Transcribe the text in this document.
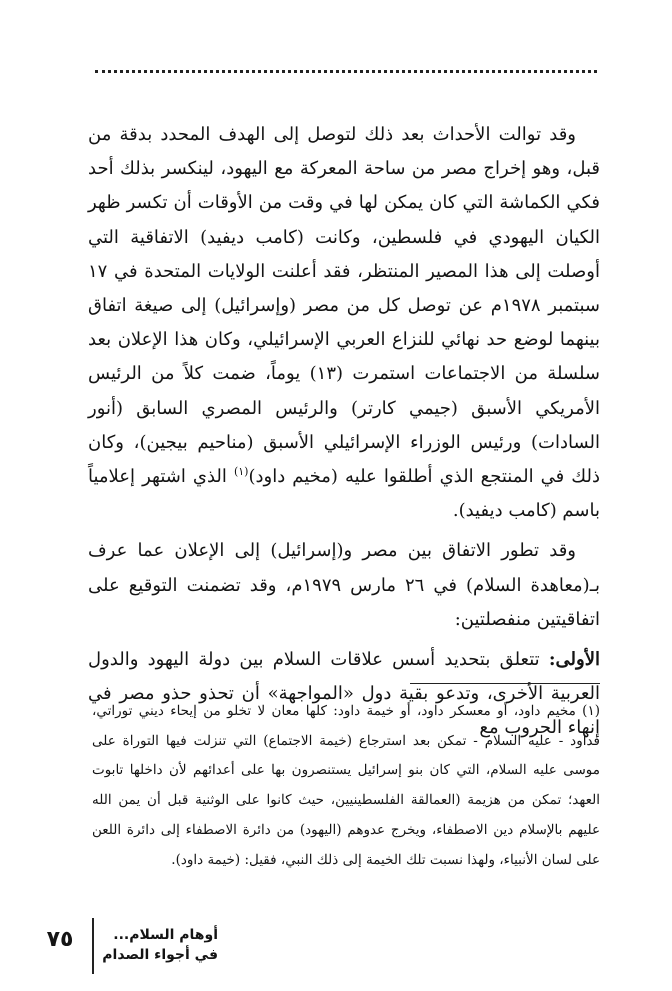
وقد توالت الأحداث بعد ذلك لتوصل إلى الهدف المحدد بدقة من قبل، وهو إخراج مصر من ساحة المعركة مع اليهود، لينكسر بذلك أحد فكي الكماشة التي كان يمكن لها في وقت من الأوقات أن تكسر ظهر الكيان اليهودي في فلسطين، وكانت (كامب ديفيد) الاتفاقية التي أوصلت إلى هذا المصير المنتظر، فقد أعلنت الولايات المتحدة في ١٧ سبتمبر ١٩٧٨م عن توصل كل من مصر (وإسرائيل) إلى صيغة اتفاق بينهما لوضع حد نهائي للنزاع العربي الإسرائيلي، وكان هذا الإعلان بعد سلسلة من الاجتماعات استمرت (١٣) يوماً، ضمت كلاً من الرئيس الأمريكي الأسبق (جيمي كارتر) والرئيس المصري السابق (أنور السادات) ورئيس الوزراء الإسرائيلي الأسبق (مناحيم بيجين)، وكان ذلك في المنتجع الذي أطلقوا عليه (مخيم داود)$^{(١)}$ الذي اشتهر إعلامياً باسم (كامب ديفيد).

وقد تطور الاتفاق بين مصر و(إسرائيل) إلى الإعلان عما عرف بـ(معاهدة السلام) في ٢٦ مارس ١٩٧٩م، وقد تضمنت التوقيع على اتفاقيتين منفصلتين:

الأولى: تتعلق بتحديد أسس علاقات السلام بين دولة اليهود والدول العربية الأخرى، وتدعو بقية دول «المواجهة» أن تحذو حذو مصر في إنهاء الحروب مع

(١) مخيم داود، أو معسكر داود، أو خيمة داود: كلها معان لا تخلو من إيحاء ديني توراتي، فداود - عليه السلام - تمكن بعد استرجاع (خيمة الاجتماع) التي تنزلت فيها التوراة على موسى عليه السلام، التي كان بنو إسرائيل يستنصرون بها على أعدائهم لأن داخلها تابوت العهد؛ تمكن من هزيمة (العمالقة الفلسطينيين، حيث كانوا على الوثنية قبل أن يمن الله عليهم بالإسلام دين الاصطفاء، ويخرج عدوهم (اليهود) من دائرة الاصطفاء إلى دائرة اللعن على لسان الأنبياء، ولهذا نسبت تلك الخيمة إلى ذلك النبي، فقيل: (خيمة داود).

٧٥	أوهام السلام...
في أجواء الصدام
